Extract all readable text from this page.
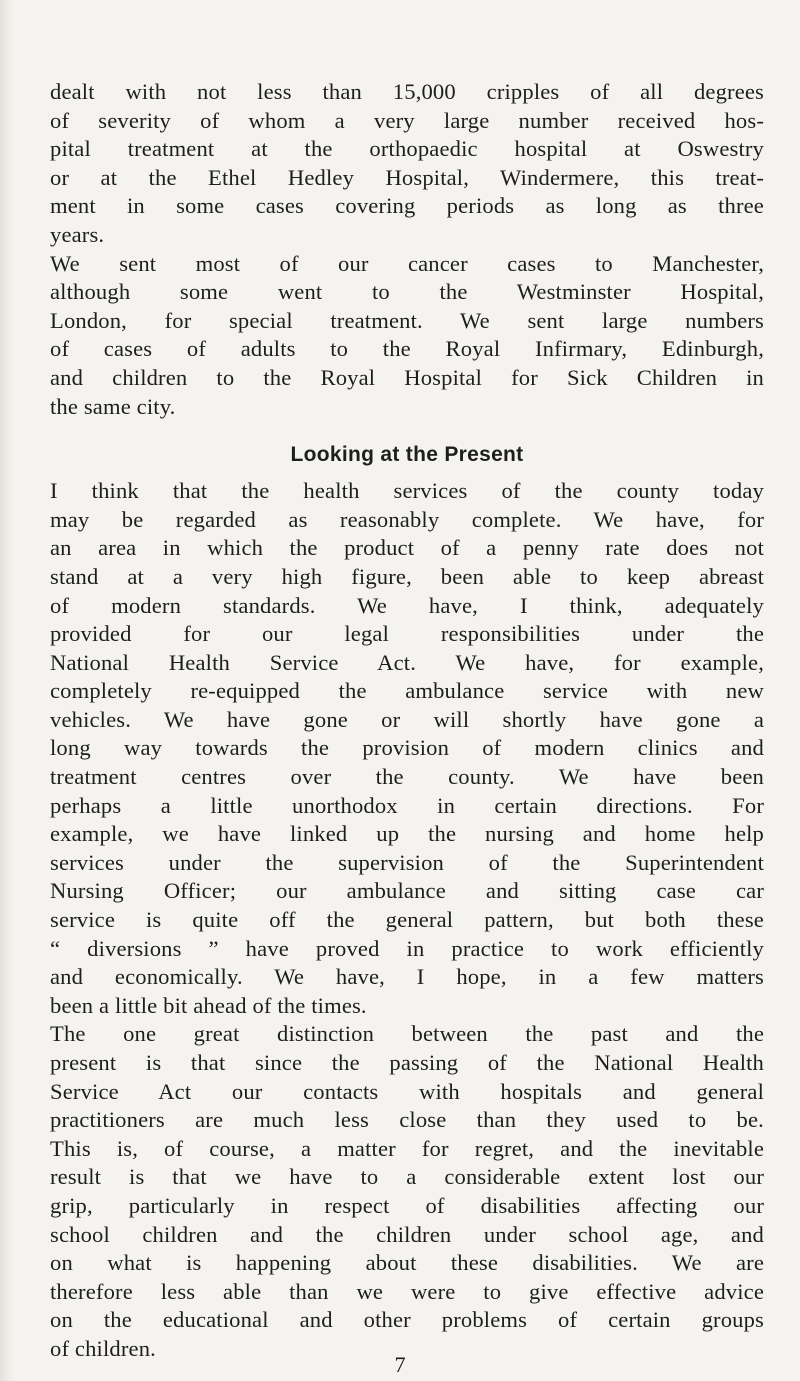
dealt with not less than 15,000 cripples of all degrees
of severity of whom a very large number received hos-
pital treatment at the orthopaedic hospital at Oswestry
or at the Ethel Hedley Hospital, Windermere, this treat-
ment in some cases covering periods as long as three
years.
We sent most of our cancer cases to Manchester,
although some went to the Westminster Hospital,
London, for special treatment. We sent large numbers
of cases of adults to the Royal Infirmary, Edinburgh,
and children to the Royal Hospital for Sick Children in
the same city.
Looking at the Present
I think that the health services of the county today
may be regarded as reasonably complete. We have, for
an area in which the product of a penny rate does not
stand at a very high figure, been able to keep abreast
of modern standards. We have, I think, adequately
provided for our legal responsibilities under the
National Health Service Act. We have, for example,
completely re-equipped the ambulance service with new
vehicles. We have gone or will shortly have gone a
long way towards the provision of modern clinics and
treatment centres over the county. We have been
perhaps a little unorthodox in certain directions. For
example, we have linked up the nursing and home help
services under the supervision of the Superintendent
Nursing Officer; our ambulance and sitting case car
service is quite off the general pattern, but both these
“ diversions ” have proved in practice to work efficiently
and economically. We have, I hope, in a few matters
been a little bit ahead of the times.
The one great distinction between the past and the
present is that since the passing of the National Health
Service Act our contacts with hospitals and general
practitioners are much less close than they used to be.
This is, of course, a matter for regret, and the inevitable
result is that we have to a considerable extent lost our
grip, particularly in respect of disabilities affecting our
school children and the children under school age, and
on what is happening about these disabilities. We are
therefore less able than we were to give effective advice
on the educational and other problems of certain groups
of children.
7
